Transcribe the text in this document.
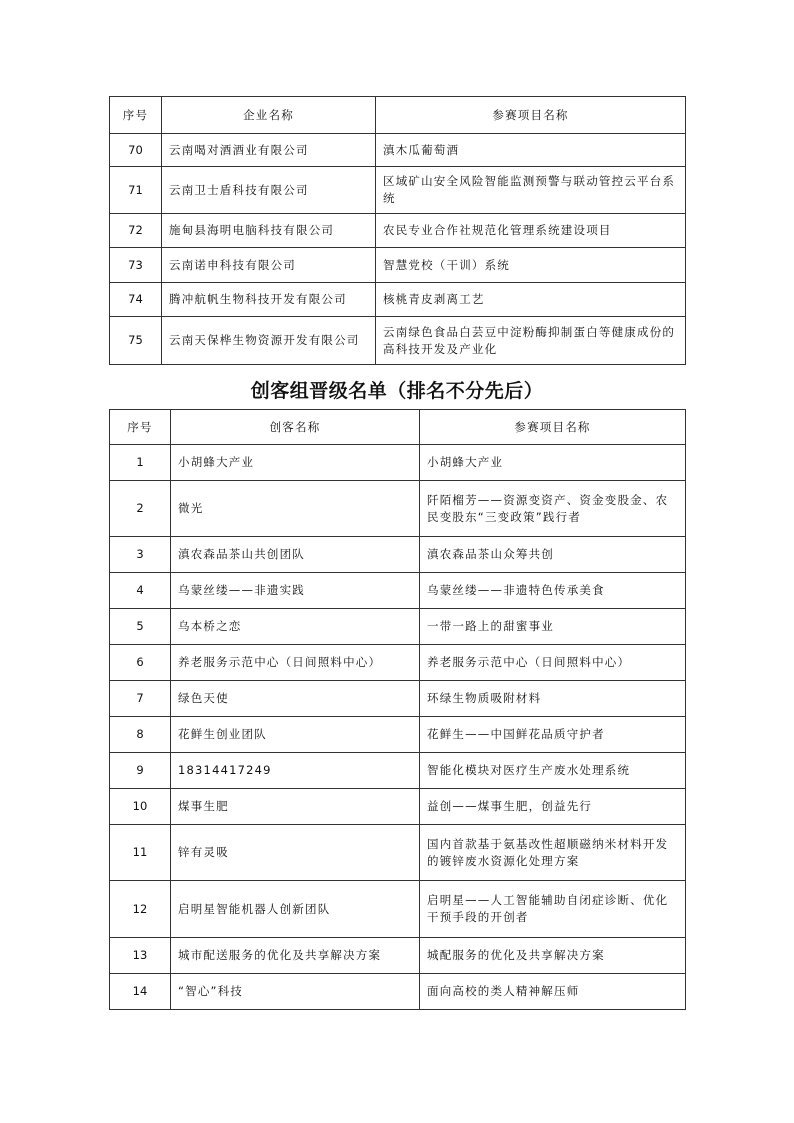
序号	企业名称	参赛项目名称
70	云南喝对酒酒业有限公司	滇木瓜葡萄酒
71	云南卫士盾科技有限公司	区域矿山安全风险智能监测预警与联动管控云平台系统
72	施甸县海明电脑科技有限公司	农民专业合作社规范化管理系统建设项目
73	云南诺申科技有限公司	智慧党校（干训）系统
74	腾冲航帆生物科技开发有限公司	核桃青皮剥离工艺
75	云南天保桦生物资源开发有限公司	云南绿色食品白芸豆中淀粉酶抑制蛋白等健康成份的高科技开发及产业化
创客组晋级名单（排名不分先后）
序号	创客名称	参赛项目名称
1	小胡蜂大产业	小胡蜂大产业
2	微光	阡陌榴芳——资源变资产、资金变股金、农民变股东“三变政策”践行者
3	滇农森品茶山共创团队	滇农森品茶山众筹共创
4	乌蒙丝缕——非遗实践	乌蒙丝缕——非遗特色传承美食
5	乌本桥之恋	一带一路上的甜蜜事业
6	养老服务示范中心（日间照料中心）	养老服务示范中心（日间照料中心）
7	绿色天使	环绿生物质吸附材料
8	花鲜生创业团队	花鲜生——中国鲜花品质守护者
9	18314417249	智能化模块对医疗生产废水处理系统
10	煤事生肥	益创——煤事生肥，创益先行
11	锌有灵吸	国内首款基于氨基改性超顺磁纳米材料开发的镀锌废水资源化处理方案
12	启明星智能机器人创新团队	启明星——人工智能辅助自闭症诊断、优化干预手段的开创者
13	城市配送服务的优化及共享解决方案	城配服务的优化及共享解决方案
14	“智心”科技	面向高校的类人精神解压师
